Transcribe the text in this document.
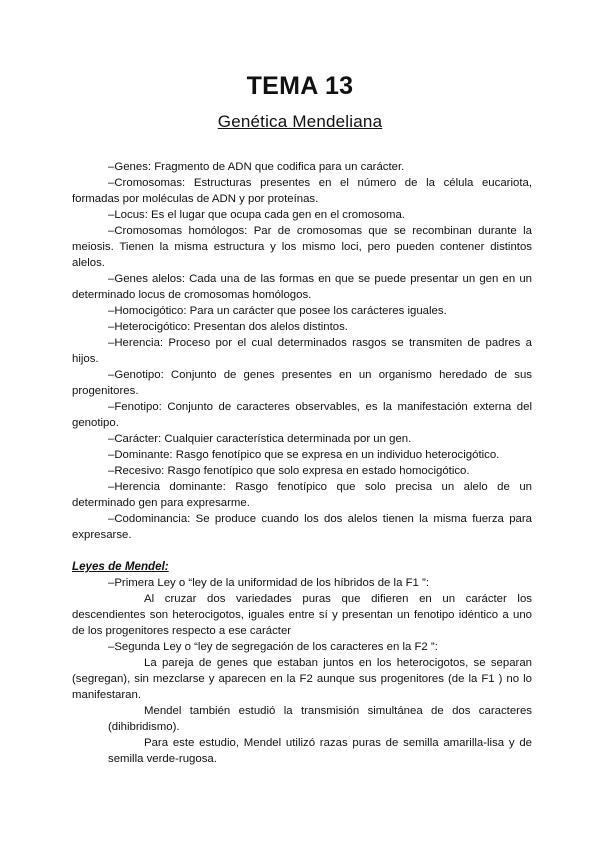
TEMA 13
Genética Mendeliana

–Genes: Fragmento de ADN que codifica para un carácter.

–Cromosomas: Estructuras presentes en el número de la célula eucariota, formadas por moléculas de ADN y por proteínas.

–Locus: Es el lugar que ocupa cada gen en el cromosoma.

–Cromosomas homólogos: Par de cromosomas que se recombinan durante la meiosis. Tienen la misma estructura y los mismo loci, pero pueden contener distintos alelos.

–Genes alelos: Cada una de las formas en que se puede presentar un gen en un determinado locus de cromosomas homólogos.

–Homocigótico: Para un carácter que posee los carácteres iguales.

–Heterocigótico: Presentan dos alelos distintos.

–Herencia: Proceso por el cual determinados rasgos se transmiten de padres a hijos.

–Genotipo: Conjunto de genes presentes en un organismo heredado de sus progenitores.

–Fenotipo: Conjunto de caracteres observables, es la manifestación externa del genotipo.

–Carácter: Cualquier característica determinada por un gen.

–Dominante: Rasgo fenotípico que se expresa en un individuo heterocigótico.

–Recesivo: Rasgo fenotípico que solo expresa en estado homocigótico.

–Herencia dominante: Rasgo fenotípico que solo precisa un alelo de un determinado gen para expresarme.

–Codominancia: Se produce cuando los dos alelos tienen la misma fuerza para expresarse.

Leyes de Mendel:

–Primera Ley o “ley de la uniformidad de los híbridos de la F1 ”:

Al cruzar dos variedades puras que difieren en un carácter los descendientes son heterocigotos, iguales entre sí y presentan un fenotipo idéntico a uno de los progenitores respecto a ese carácter

–Segunda Ley o “ley de segregación de los caracteres en la F2 ”:

La pareja de genes que estaban juntos en los heterocigotos, se separan (segregan), sin mezclarse y aparecen en la F2 aunque sus progenitores (de la F1 ) no lo manifestaran.

Mendel también estudió la transmisión simultánea de dos caracteres (dihibridismo).

Para este estudio, Mendel utilizó razas puras de semilla amarilla-lisa y de semilla verde-rugosa.
